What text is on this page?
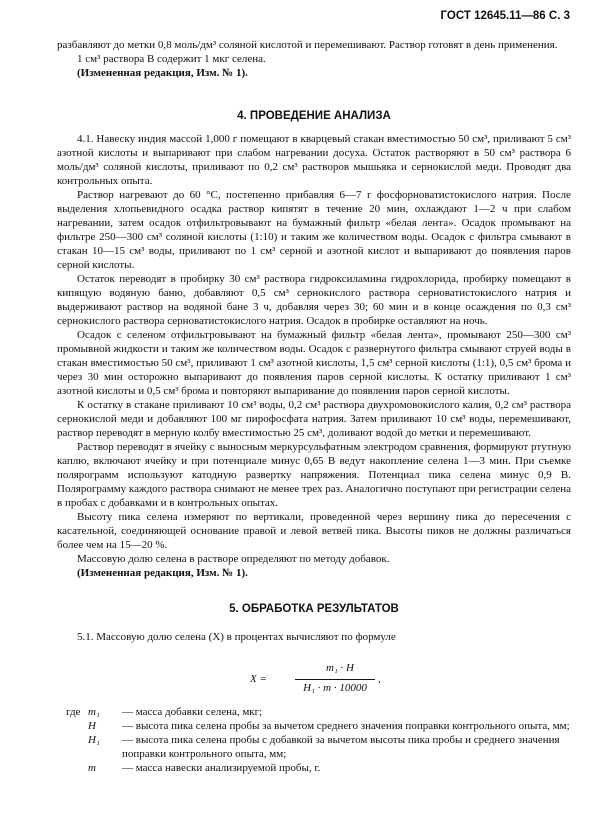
ГОСТ 12645.11—86 С. 3

разбавляют до метки 0,8 моль/дм³ соляной кислотой и перемешивают. Раствор готовят в день применения.

1 см³ раствора В содержит 1 мкг селена.

(Измененная редакция, Изм. № 1).

4. ПРОВЕДЕНИЕ АНАЛИЗА

4.1. Навеску индия массой 1,000 г помещают в кварцевый стакан вместимостью 50 см³, приливают 5 см³ азотной кислоты и выпаривают при слабом нагревании досуха. Остаток растворяют в 50 см³ раствора 6 моль/дм³ соляной кислоты, приливают по 0,2 см³ растворов мышьяка и сернокислой меди. Проводят два контрольных опыта.

Раствор нагревают до 60 °С, постепенно прибавляя 6—7 г фосфорноватистокислого натрия. После выделения хлопьевидного осадка раствор кипятят в течение 20 мин, охлаждают 1—2 ч при слабом нагревании, затем осадок отфильтровывают на бумажный фильтр «белая лента». Осадок промывают на фильтре 250—300 см³ соляной кислоты (1:10) и таким же количеством воды. Осадок с фильтра смывают в стакан 10—15 см³ воды, приливают по 1 см³ серной и азотной кислот и выпаривают до появления паров серной кислоты.

Остаток переводят в пробирку 30 см³ раствора гидроксиламина гидрохлорида, пробирку помещают в кипящую водяную баню, добавляют 0,5 см³ сернокислого раствора серноватистокислого натрия и выдерживают раствор на водяной бане 3 ч, добавляя через 30; 60 мин и в конце осаждения по 0,3 см³ сернокислого раствора серноватистокислого натрия. Осадок в пробирке оставляют на ночь.

Осадок с селеном отфильтровывают на бумажный фильтр «белая лента», промывают 250—300 см³ промывной жидкости и таким же количеством воды. Осадок с развернутого фильтра смывают струей воды в стакан вместимостью 50 см³, приливают 1 см³ азотной кислоты, 1,5 см³ серной кислоты (1:1), 0,5 см³ брома и через 30 мин осторожно выпаривают до появления паров серной кислоты. К остатку приливают 1 см³ азотной кислоты и 0,5 см³ брома и повторяют выпаривание до появления паров серной кислоты.

К остатку в стакане приливают 10 см³ воды, 0,2 см³ раствора двухромовокислого калия, 0,2 см³ раствора сернокислой меди и добавляют 100 мг пирофосфата натрия. Затем приливают 10 см³ воды, перемешивают, раствор переводят в мерную колбу вместимостью 25 см³, доливают водой до метки и перемешивают.

Раствор переводят в ячейку с выносным меркурсульфатным электродом сравнения, формируют ртутную каплю, включают ячейку и при потенциале минус 0,65 В ведут накопление селена 1—3 мин. При съемке полярограмм используют катодную развертку напряжения. Потенциал пика селена минус 0,9 В. Полярограмму каждого раствора снимают не менее трех раз. Аналогично поступают при регистрации селена в пробах с добавками и в контрольных опытах.

Высоту пика селена измеряют по вертикали, проведенной через вершину пика до пересечения с касательной, соединяющей основание правой и левой ветвей пика. Высоты пиков не должны различаться более чем на 15—20 %.

Массовую долю селена в растворе определяют по методу добавок.

(Измененная редакция, Изм. № 1).

5. ОБРАБОТКА РЕЗУЛЬТАТОВ

5.1. Массовую долю селена (X) в процентах вычисляют по формуле

X =
m₁ · H
H₁ · m · 10000
,
где m₁	— масса добавки селена, мкг;
H	— высота пика селена пробы за вычетом среднего значения поправки контрольного опыта, мм;
H₁	— высота пика селена пробы с добавкой за вычетом высоты пика пробы и среднего значения поправки контрольного опыта, мм;
m	— масса навески анализируемой пробы, г.
